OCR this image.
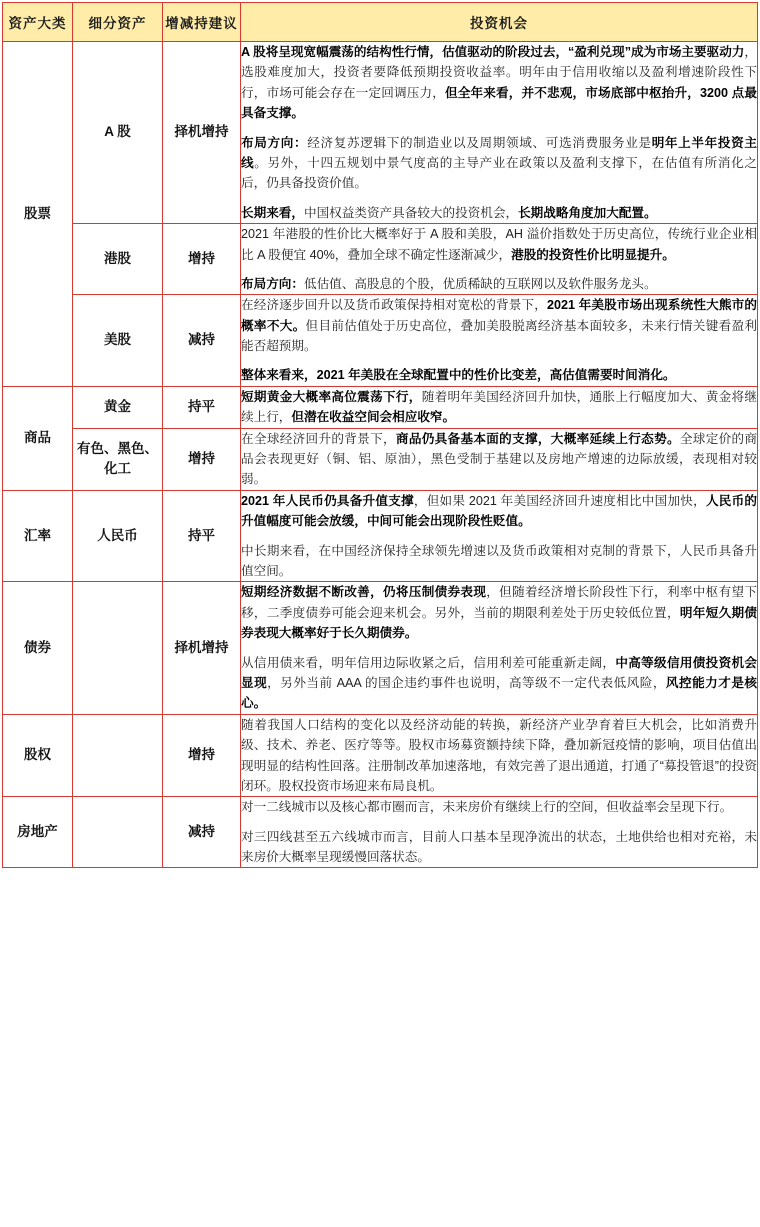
资产大类	细分资产	增减持建议	投资机会

股票	A 股	择机增持	A 股将呈现宽幅震荡的结构性行情，估值驱动的阶段过去，“盈利兑现”成为市场主要驱动力，选股难度加大，投资者要降低预期投资收益率。明年由于信用收缩以及盈利增速阶段性下行，市场可能会存在一定回调压力，但全年来看，并不悲观，市场底部中枢抬升，3200 点最具备支撑。

布局方向：经济复苏逻辑下的制造业以及周期领域、可选消费服务业是明年上半年投资主线。另外，十四五规划中景气度高的主导产业在政策以及盈利支撑下，在估值有所消化之后，仍具备投资价值。

长期来看，中国权益类资产具备较大的投资机会，长期战略角度加大配置。

	港股	增持	2021 年港股的性价比大概率好于 A 股和美股，AH 溢价指数处于历史高位，传统行业企业相比 A 股便宜 40%，叠加全球不确定性逐渐减少，港股的投资性价比明显提升。

布局方向：低估值、高股息的个股，优质稀缺的互联网以及软件服务龙头。

	美股	减持	在经济逐步回升以及货币政策保持相对宽松的背景下，2021 年美股市场出现系统性大熊市的概率不大。但目前估值处于历史高位，叠加美股脱离经济基本面较多，未来行情关键看盈利能否超预期。

整体来看来，2021 年美股在全球配置中的性价比变差，高估值需要时间消化。

商品	黄金	持平	短期黄金大概率高位震荡下行，随着明年美国经济回升加快，通胀上行幅度加大、黄金将继续上行，但潜在收益空间会相应收窄。

	有色、黑色、化工	增持	在全球经济回升的背景下，商品仍具备基本面的支撑，大概率延续上行态势。全球定价的商品会表现更好（铜、铝、原油），黑色受制于基建以及房地产增速的边际放缓，表现相对较弱。

汇率	人民币	持平	2021 年人民币仍具备升值支撑，但如果 2021 年美国经济回升速度相比中国加快，人民币的升值幅度可能会放缓，中间可能会出现阶段性贬值。

中长期来看，在中国经济保持全球领先增速以及货币政策相对克制的背景下，人民币具备升值空间。

债券		择机增持	短期经济数据不断改善，仍将压制债券表现，但随着经济增长阶段性下行，利率中枢有望下移，二季度债券可能会迎来机会。另外，当前的期限利差处于历史较低位置，明年短久期债券表现大概率好于长久期债券。

从信用债来看，明年信用边际收紧之后，信用利差可能重新走阔，中高等级信用债投资机会显现，另外当前 AAA 的国企违约事件也说明，高等级不一定代表低风险，风控能力才是核心。

股权		增持	随着我国人口结构的变化以及经济动能的转换，新经济产业孕育着巨大机会，比如消费升级、技术、养老、医疗等等。股权市场募资额持续下降，叠加新冠疫情的影响，项目估值出现明显的结构性回落。注册制改革加速落地，有效完善了退出通道，打通了“募投管退”的投资闭环。股权投资市场迎来布局良机。

房地产		减持	对一二线城市以及核心都市圈而言，未来房价有继续上行的空间，但收益率会呈现下行。

对三四线甚至五六线城市而言，目前人口基本呈现净流出的状态，土地供给也相对充裕，未来房价大概率呈现缓慢回落状态。
